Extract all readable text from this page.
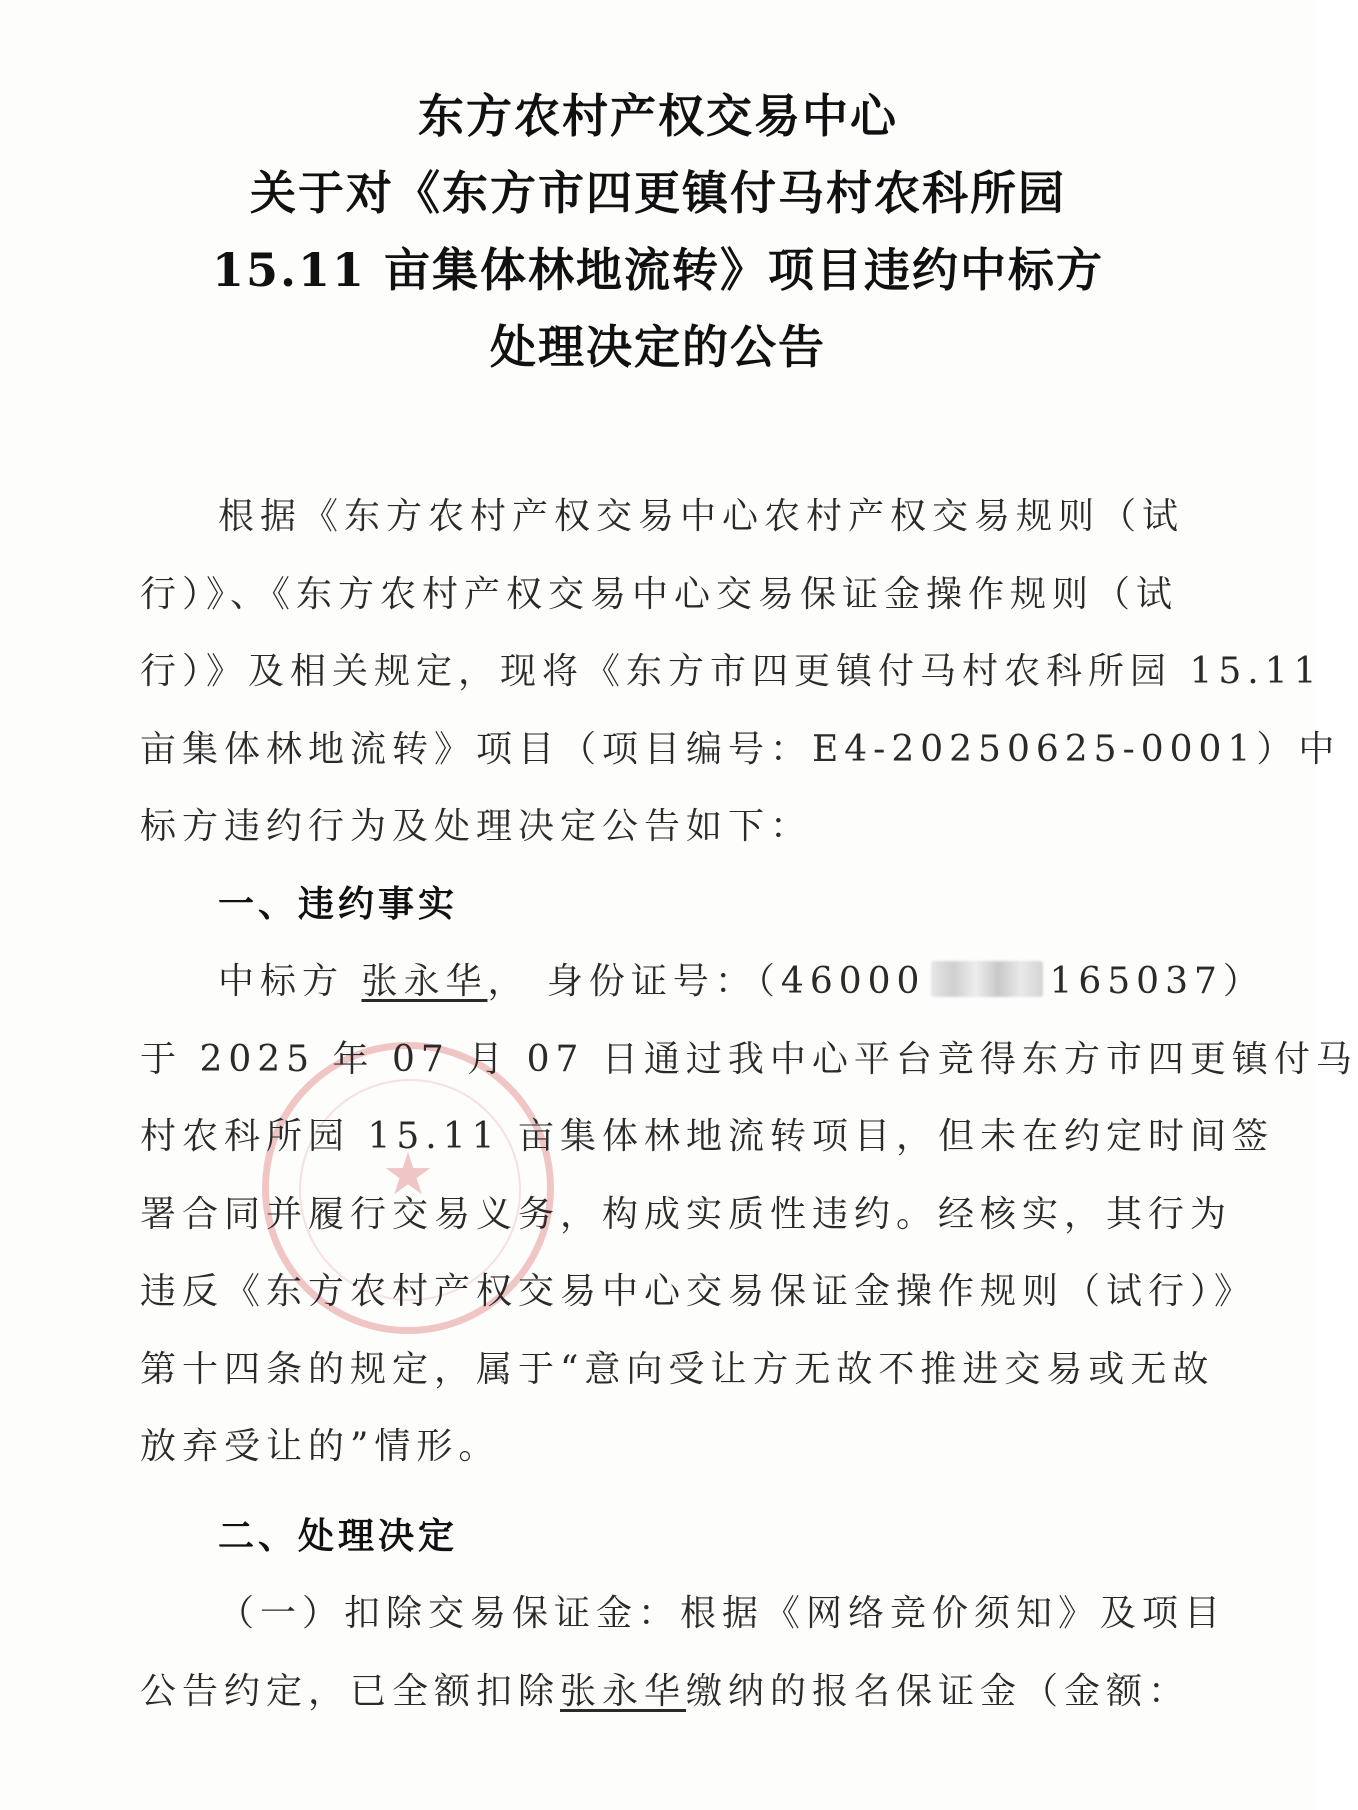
东方农村产权交易中心
关于对《东方市四更镇付马村农科所园
15.11 亩集体林地流转》项目违约中标方
处理决定的公告
★
根据《东方农村产权交易中心农村产权交易规则（试
行）》、《东方农村产权交易中心交易保证金操作规则（试
行）》及相关规定，现将《东方市四更镇付马村农科所园 15.11
亩集体林地流转》项目（项目编号：E4-20250625-0001）中
标方违约行为及处理决定公告如下：
一、违约事实
中标方 张永华， 身份证号：（46000	165037）
于 2025 年 07 月 07 日通过我中心平台竞得东方市四更镇付马
村农科所园 15.11 亩集体林地流转项目，但未在约定时间签
署合同并履行交易义务，构成实质性违约。经核实，其行为
违反《东方农村产权交易中心交易保证金操作规则（试行）》
第十四条的规定，属于“意向受让方无故不推进交易或无故
放弃受让的”情形。
二、处理决定
（一）扣除交易保证金：根据《网络竞价须知》及项目
公告约定，已全额扣除张永华缴纳的报名保证金（金额：
